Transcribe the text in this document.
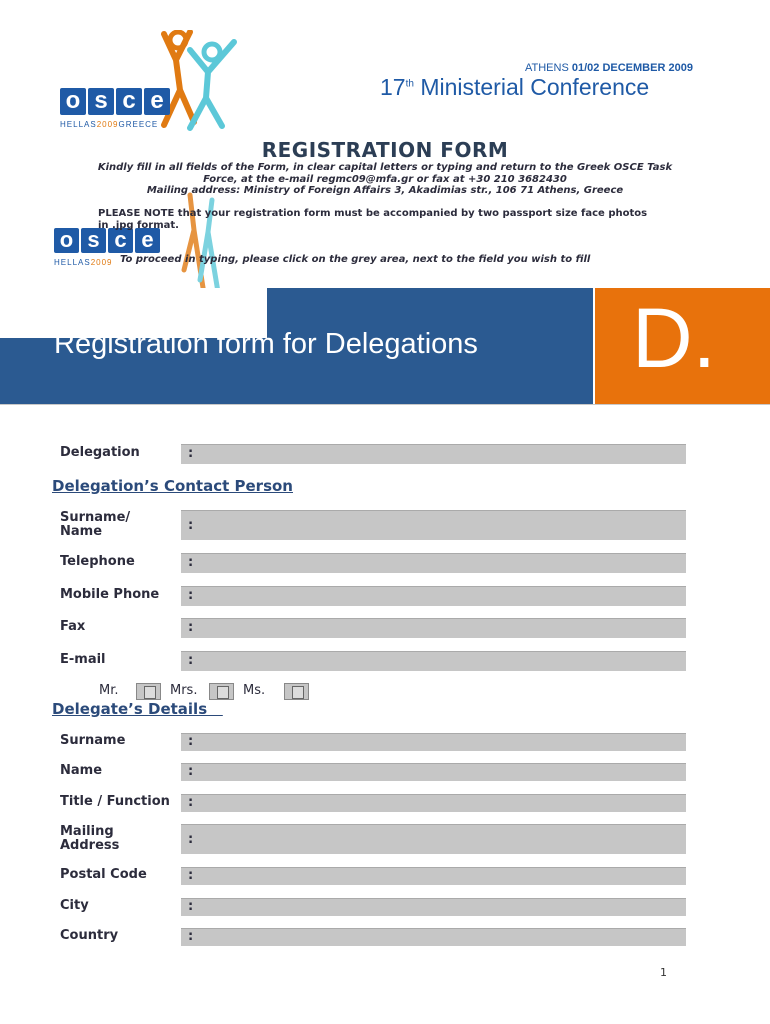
o s c e
HELLAS2009GREECE
o s c e
HELLAS2009
ATHENS 01/02 DECEMBER 2009
17th Ministerial Conference
REGISTRATION FORM
Kindly fill in all fields of the Form, in clear capital letters or typing and return to the Greek OSCE Task
Force, at the e-mail regmc09@mfa.gr or fax at +30 210 3682430
Mailing address: Ministry of Foreign Affairs 3, Akadimias str., 106 71 Athens, Greece
PLEASE NOTE that your registration form must be accompanied by two passport size face photos
in .jpg format.
To proceed in typing, please click on the grey area, next to the field you wish to fill
D.
Registration form for Delegations
Delegation	:
Delegation’s Contact Person
Surname/
Name	:
Telephone	:
Mobile Phone :
Fax	:
E-mail	:
Mr.	Mrs.	Ms.
Delegate’s Details
Surname	:
Name	:
Title / Function :
Mailing
Address	:
Postal Code	:
City	:
Country	:
1
